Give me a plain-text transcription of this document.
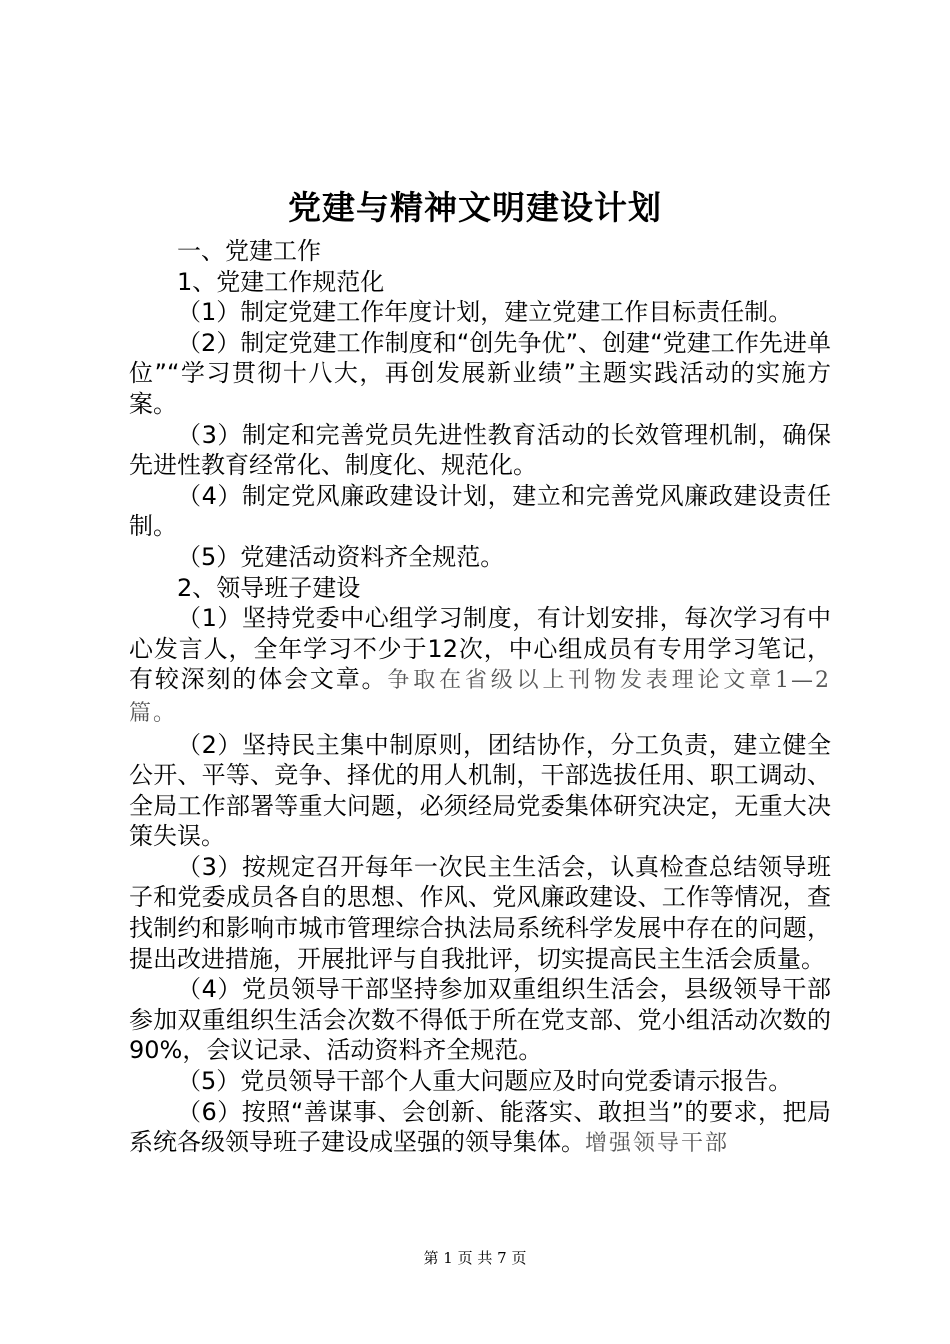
党建与精神文明建设计划

一、党建工作

1、党建工作规范化

（1）制定党建工作年度计划，建立党建工作目标责任制。

（2）制定党建工作制度和“创先争优”、创建“党建工作先进单位”“学习贯彻十八大，再创发展新业绩”主题实践活动的实施方案。

（3）制定和完善党员先进性教育活动的长效管理机制，确保先进性教育经常化、制度化、规范化。

（4）制定党风廉政建设计划，建立和完善党风廉政建设责任制。

（5）党建活动资料齐全规范。

2、领导班子建设

（1）坚持党委中心组学习制度，有计划安排，每次学习有中心发言人，全年学习不少于12次，中心组成员有专用学习笔记，有较深刻的体会文章。争取在省级以上刊物发表理论文章1—2篇。

（2）坚持民主集中制原则，团结协作，分工负责，建立健全公开、平等、竞争、择优的用人机制，干部选拔任用、职工调动、全局工作部署等重大问题，必须经局党委集体研究决定，无重大决策失误。

（3）按规定召开每年一次民主生活会，认真检查总结领导班子和党委成员各自的思想、作风、党风廉政建设、工作等情况，查找制约和影响市城市管理综合执法局系统科学发展中存在的问题，提出改进措施，开展批评与自我批评，切实提高民主生活会质量。

（4）党员领导干部坚持参加双重组织生活会，县级领导干部参加双重组织生活会次数不得低于所在党支部、党小组活动次数的90%，会议记录、活动资料齐全规范。

（5）党员领导干部个人重大问题应及时向党委请示报告。

（6）按照“善谋事、会创新、能落实、敢担当”的要求，把局系统各级领导班子建设成坚强的领导集体。增强领导干部

第 1 页 共 7 页
